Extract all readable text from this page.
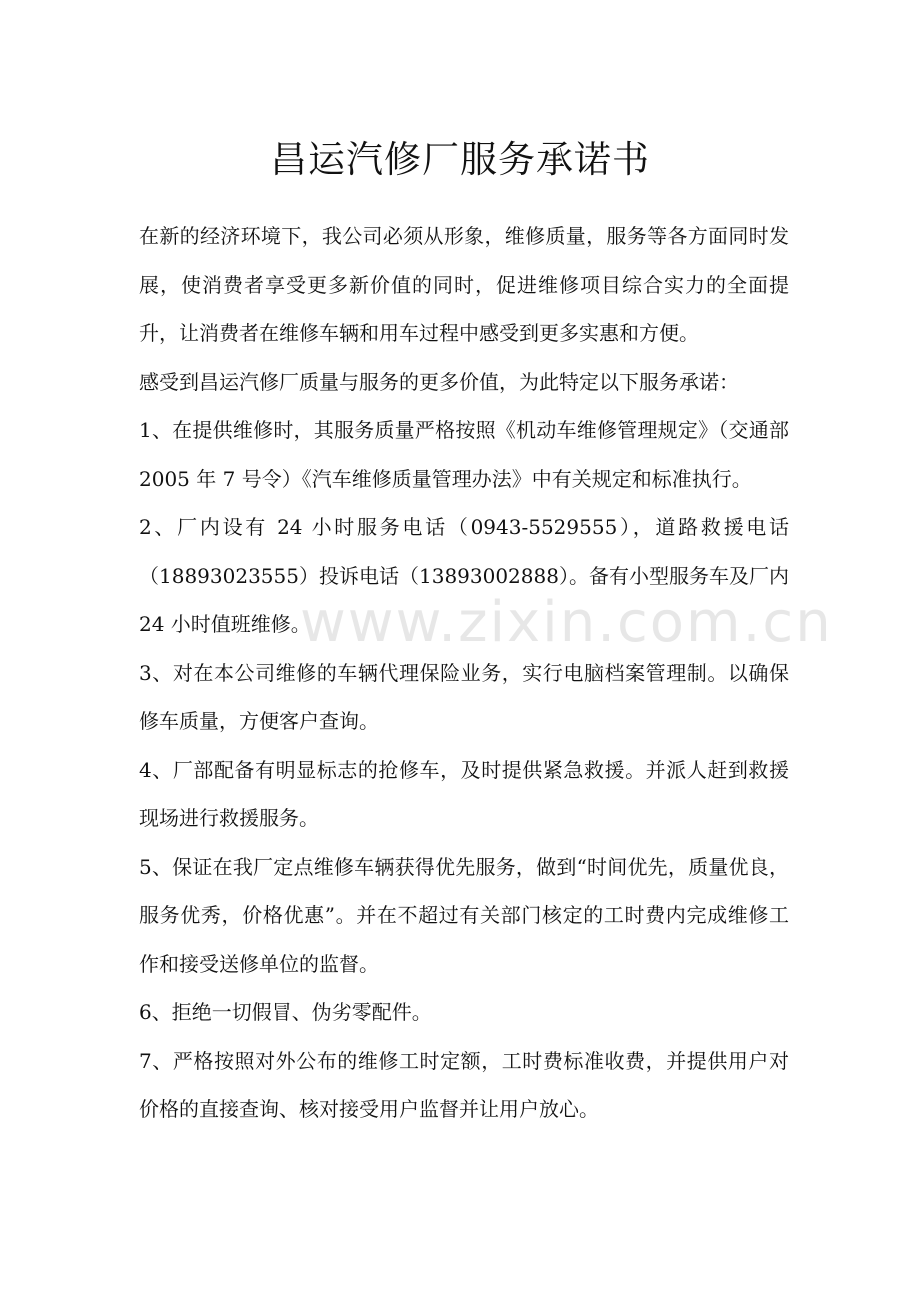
昌运汽修厂服务承诺书

在新的经济环境下，我公司必须从形象，维修质量，服务等各方面同时发展，使消费者享受更多新价值的同时，促进维修项目综合实力的全面提升，让消费者在维修车辆和用车过程中感受到更多实惠和方便。

感受到昌运汽修厂质量与服务的更多价值，为此特定以下服务承诺：

1、在提供维修时，其服务质量严格按照《机动车维修管理规定》（交通部 2005 年 7 号令）《汽车维修质量管理办法》中有关规定和标准执行。

2、厂内设有 24 小时服务电话（0943-5529555），道路救援电话（18893023555）投诉电话（13893002888）。备有小型服务车及厂内 24 小时值班维修。

3、对在本公司维修的车辆代理保险业务，实行电脑档案管理制。以确保修车质量，方便客户查询。

4、厂部配备有明显标志的抢修车，及时提供紧急救援。并派人赶到救援现场进行救援服务。

5、保证在我厂定点维修车辆获得优先服务，做到“时间优先，质量优良，服务优秀，价格优惠”。并在不超过有关部门核定的工时费内完成维修工作和接受送修单位的监督。

6、拒绝一切假冒、伪劣零配件。

7、严格按照对外公布的维修工时定额，工时费标准收费，并提供用户对价格的直接查询、核对接受用户监督并让用户放心。

www.zixin.com.cn
